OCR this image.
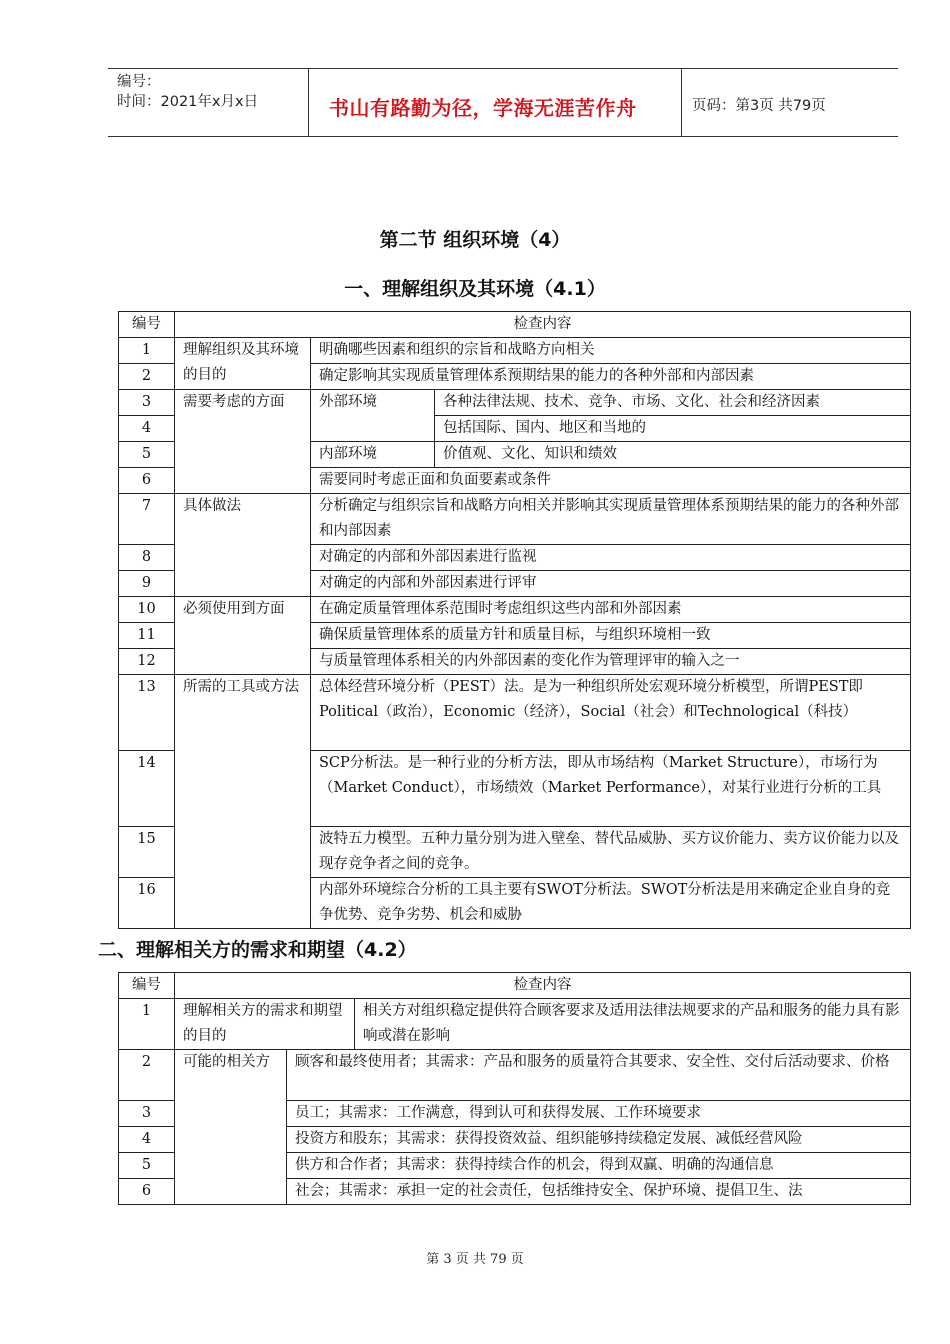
编号：
时间：2021年x月x日	书山有路勤为径，学海无涯苦作舟	页码：第3页 共79页
第二节 组织环境（4）
一、理解组织及其环境（4.1）
编号	检查内容		
1	理解组织及其环境的目的	明确哪些因素和组织的宗旨和战略方向相关	
2		确定影响其实现质量管理体系预期结果的能力的各种外部和内部因素	
3	需要考虑的方面	外部环境	各种法律法规、技术、竞争、市场、文化、社会和经济因素
4			包括国际、国内、地区和当地的
5		内部环境	价值观、文化、知识和绩效
6		需要同时考虑正面和负面要素或条件	
7	具体做法	分析确定与组织宗旨和战略方向相关并影响其实现质量管理体系预期结果的能力的各种外部和内部因素	
8		对确定的内部和外部因素进行监视	
9		对确定的内部和外部因素进行评审	
10	必须使用到方面	在确定质量管理体系范围时考虑组织这些内部和外部因素	
11		确保质量管理体系的质量方针和质量目标，与组织环境相一致	
12		与质量管理体系相关的内外部因素的变化作为管理评审的输入之一	
13	所需的工具或方法	总体经营环境分析（PEST）法。是为一种组织所处宏观环境分析模型，所谓PEST即 Political（政治），Economic（经济），Social（社会）和Technological（科技）	
14		SCP分析法。是一种行业的分析方法，即从市场结构（Market Structure），市场行为（Market Conduct），市场绩效（Market Performance），对某行业进行分析的工具	
15		波特五力模型。五种力量分别为进入壁垒、替代品威胁、买方议价能力、卖方议价能力以及现存竞争者之间的竞争。	
16		内部外环境综合分析的工具主要有SWOT分析法。SWOT分析法是用来确定企业自身的竞争优势、竞争劣势、机会和威胁	
二、理解相关方的需求和期望（4.2）
编号	检查内容		
1	理解相关方的需求和期望的目的		相关方对组织稳定提供符合顾客要求及适用法律法规要求的产品和服务的能力具有影响或潜在影响
2	可能的相关方	顾客和最终使用者；其需求：产品和服务的质量符合其要求、安全性、交付后活动要求、价格	
3		员工；其需求：工作满意，得到认可和获得发展、工作环境要求	
4		投资方和股东；其需求：获得投资效益、组织能够持续稳定发展、减低经营风险	
5		供方和合作者；其需求：获得持续合作的机会，得到双赢、明确的沟通信息	
6		社会；其需求：承担一定的社会责任，包括维持安全、保护环境、提倡卫生、法	
第 3 页 共 79 页
